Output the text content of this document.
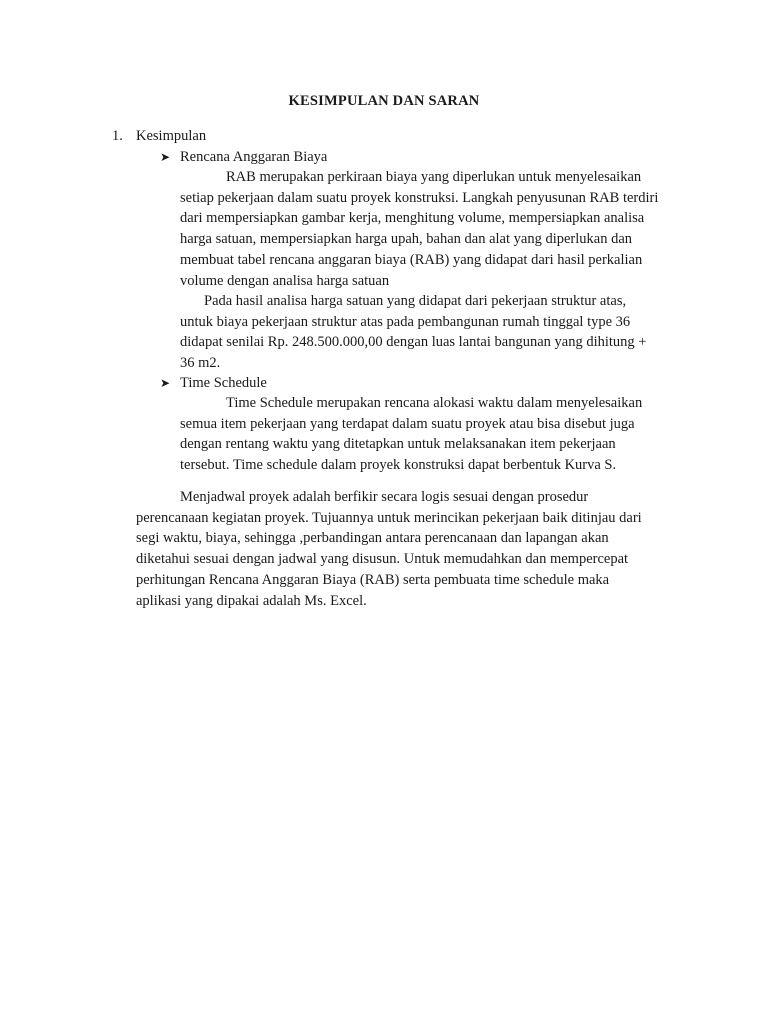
KESIMPULAN DAN SARAN
1. Kesimpulan
➤ Rencana Anggaran Biaya

RAB merupakan perkiraan biaya yang diperlukan untuk menyelesaikan
setiap pekerjaan dalam suatu proyek konstruksi. Langkah penyusunan RAB terdiri
dari mempersiapkan gambar kerja, menghitung volume, mempersiapkan analisa
harga satuan, mempersiapkan harga upah, bahan dan alat yang diperlukan dan
membuat tabel rencana anggaran biaya (RAB) yang didapat dari hasil perkalian
volume dengan analisa harga satuan

Pada hasil analisa harga satuan yang didapat dari pekerjaan struktur atas,
untuk biaya pekerjaan struktur atas pada pembangunan rumah tinggal type 36
didapat senilai Rp. 248.500.000,00 dengan luas lantai bangunan yang dihitung +
36 m2.

➤ Time Schedule

Time Schedule merupakan rencana alokasi waktu dalam menyelesaikan
semua item pekerjaan yang terdapat dalam suatu proyek atau bisa disebut juga
dengan rentang waktu yang ditetapkan untuk melaksanakan item pekerjaan
tersebut. Time schedule dalam proyek konstruksi dapat berbentuk Kurva S.

Menjadwal proyek adalah berfikir secara logis sesuai dengan prosedur
perencanaan kegiatan proyek. Tujuannya untuk merincikan pekerjaan baik ditinjau dari
segi waktu, biaya, sehingga ,perbandingan antara perencanaan dan lapangan akan
diketahui sesuai dengan jadwal yang disusun. Untuk memudahkan dan mempercepat
perhitungan Rencana Anggaran Biaya (RAB) serta pembuata time schedule maka
aplikasi yang dipakai adalah Ms. Excel.
